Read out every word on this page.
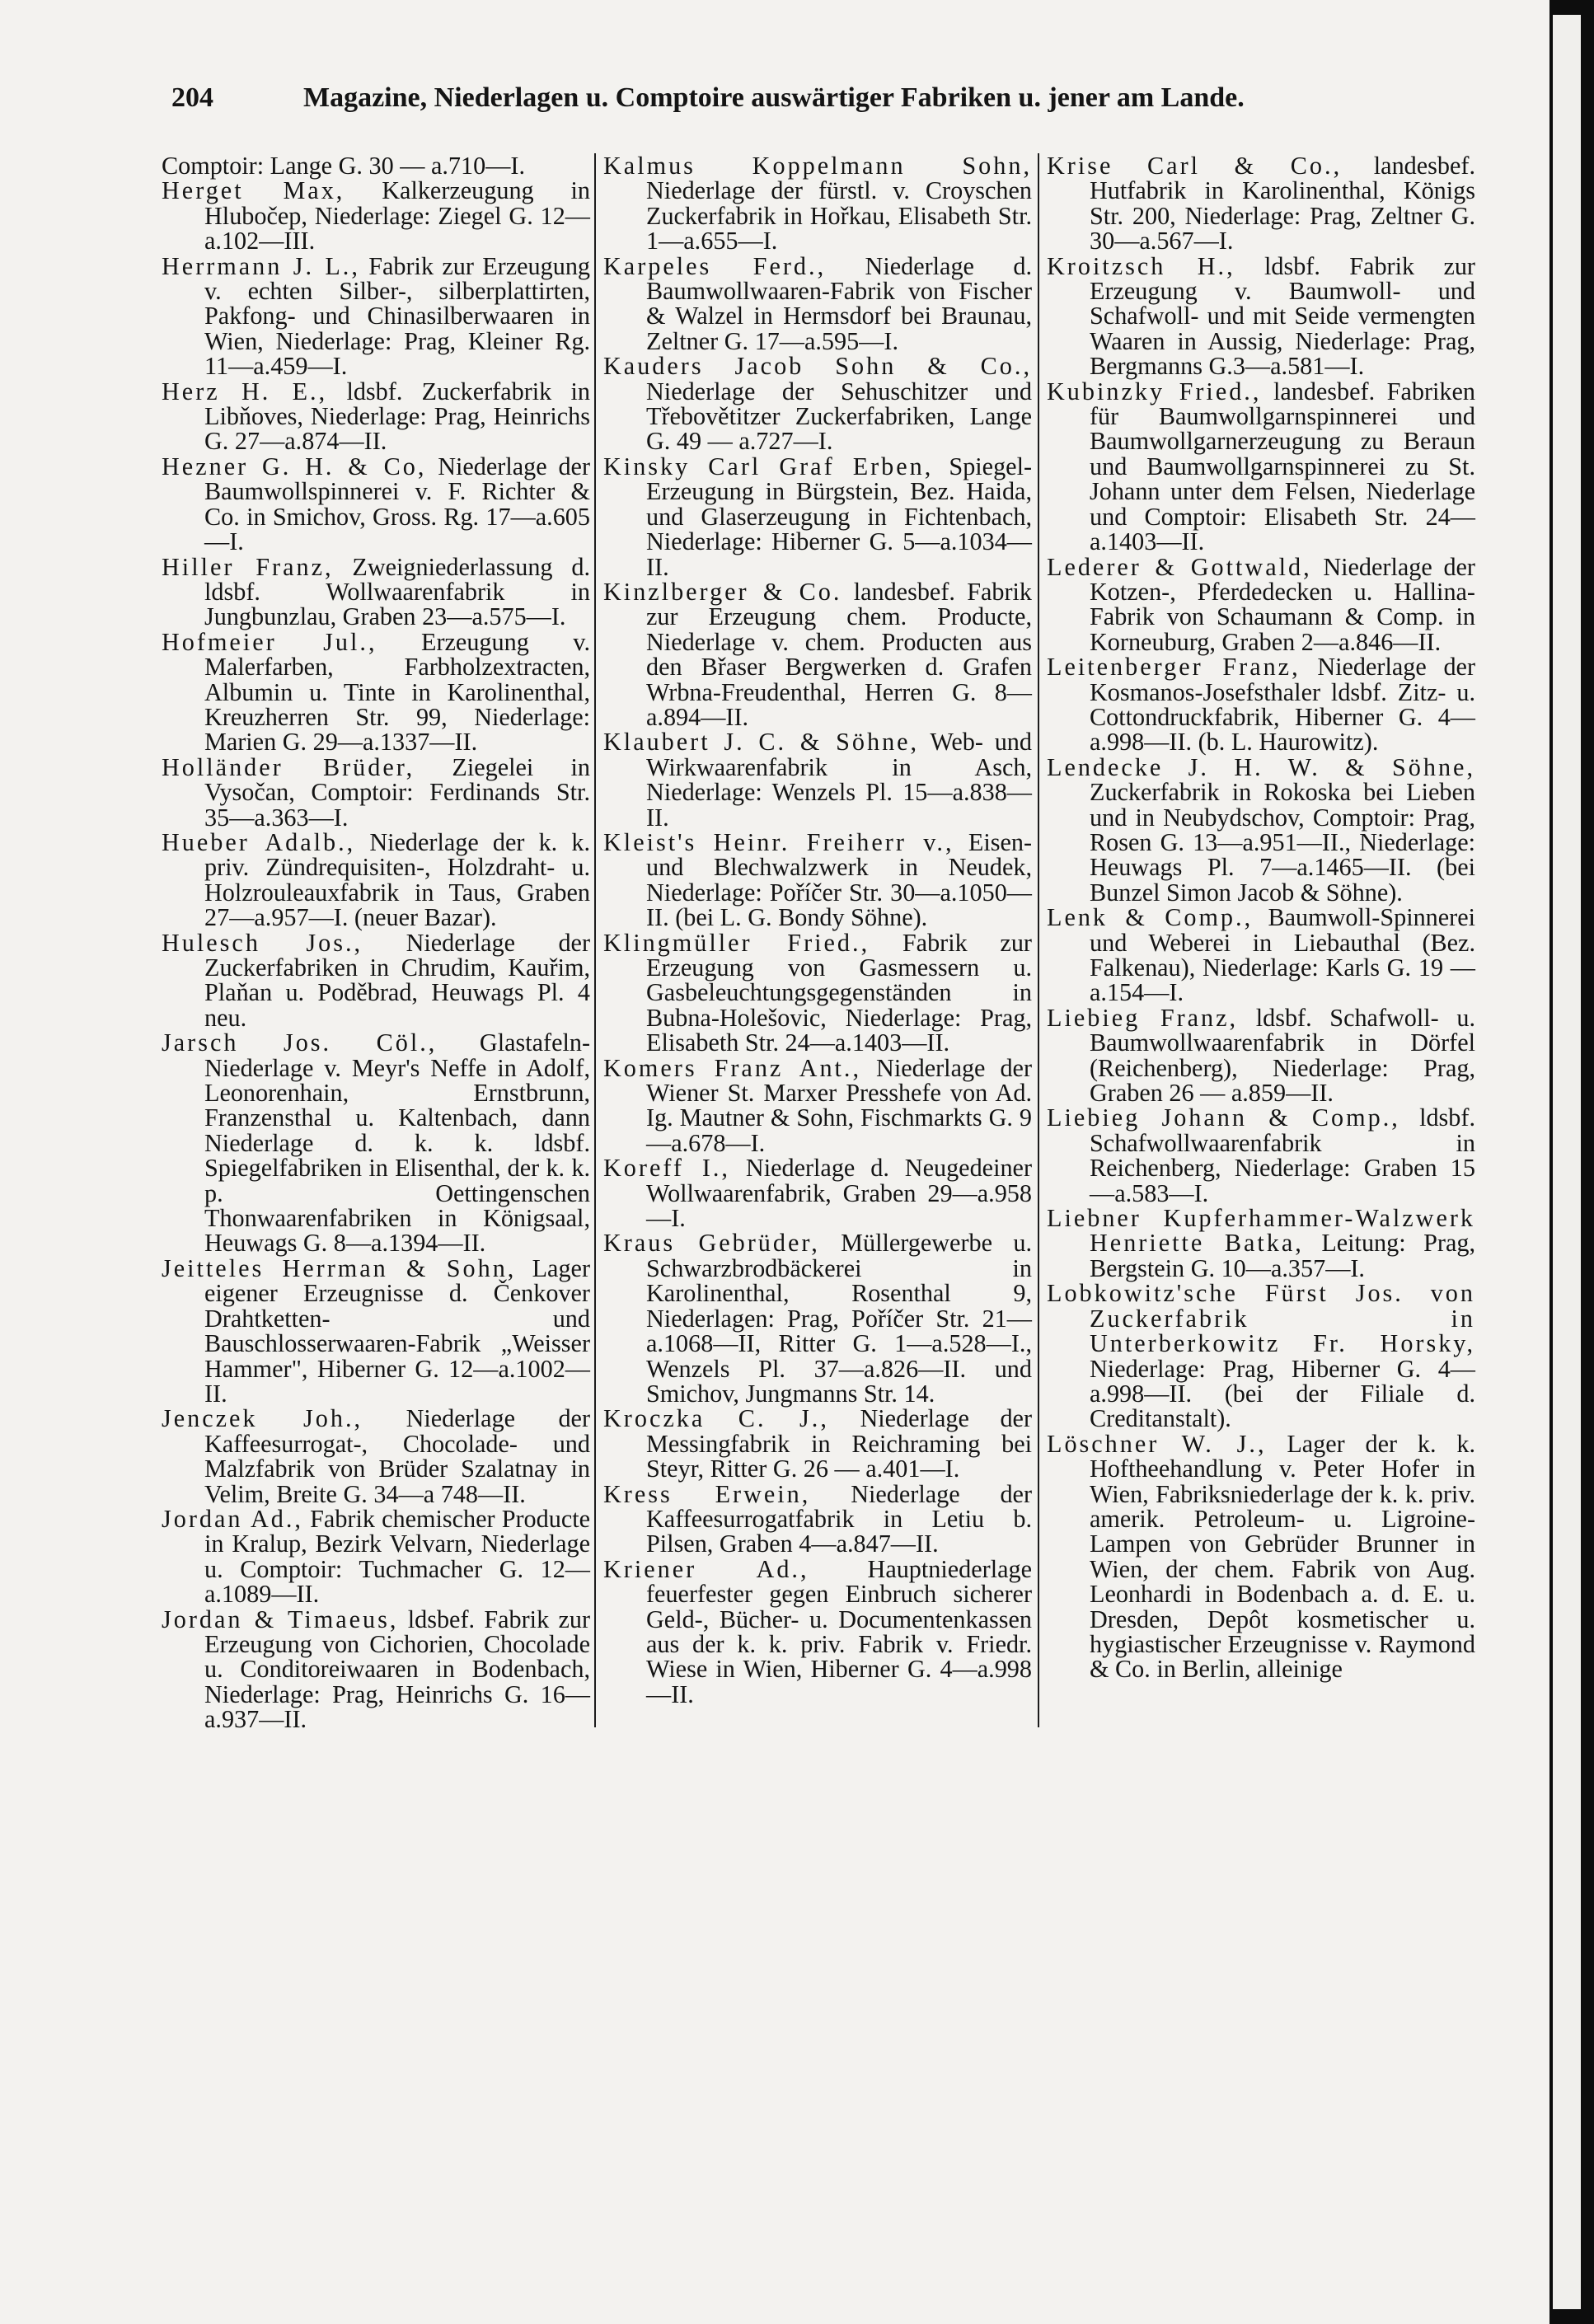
204	Magazine, Niederlagen u. Comptoire auswärtiger Fabriken u. jener am Lande.
Comptoir: Lange G. 30 — a.710—I.
Herget Max, Kalkerzeugung in Hlubočep, Niederlage: Ziegel G. 12—a.102—III.
Herrmann J. L., Fabrik zur Erzeugung v. echten Silber-, silberplattirten, Pakfong- und Chinasilberwaaren in Wien, Niederlage: Prag, Kleiner Rg. 11—a.459—I.
Herz H. E., ldsbf. Zuckerfabrik in Libňoves, Niederlage: Prag, Heinrichs G. 27—a.874—II.
Hezner G. H. & Co, Niederlage der Baumwollspinnerei v. F. Richter & Co. in Smichov, Gross. Rg. 17—a.605—I.
Hiller Franz, Zweigniederlassung d. ldsbf. Wollwaarenfabrik in Jungbunzlau, Graben 23—a.575—I.
Hofmeier Jul., Erzeugung v. Malerfarben, Farbholzextracten, Albumin u. Tinte in Karolinenthal, Kreuzherren Str. 99, Niederlage: Marien G. 29—a.1337—II.
Holländer Brüder, Ziegelei in Vysočan, Comptoir: Ferdinands Str. 35—a.363—I.
Hueber Adalb., Niederlage der k. k. priv. Zündrequisiten-, Holzdraht- u. Holzrouleauxfabrik in Taus, Graben 27—a.957—I. (neuer Bazar).
Hulesch Jos., Niederlage der Zuckerfabriken in Chrudim, Kauřim, Plaňan u. Poděbrad, Heuwags Pl. 4 neu.
Jarsch Jos. Cöl., Glastafeln-Niederlage v. Meyr's Neffe in Adolf, Leonorenhain, Ernstbrunn, Franzensthal u. Kaltenbach, dann Niederlage d. k. k. ldsbf. Spiegelfabriken in Elisenthal, der k. k. p. Oettingenschen Thonwaarenfabriken in Königsaal, Heuwags G. 8—a.1394—II.
Jeitteles Herrman & Sohn, Lager eigener Erzeugnisse d. Čenkover Drahtketten- und Bauschlosserwaaren-Fabrik „Weisser Hammer", Hiberner G. 12—a.1002—II.
Jenczek Joh., Niederlage der Kaffeesurrogat-, Chocolade- und Malzfabrik von Brüder Szalatnay in Velim, Breite G. 34—a 748—II.
Jordan Ad., Fabrik chemischer Producte in Kralup, Bezirk Velvarn, Niederlage u. Comptoir: Tuchmacher G. 12—a.1089—II.
Jordan & Timaeus, ldsbef. Fabrik zur Erzeugung von Cichorien, Chocolade u. Conditoreiwaaren in Bodenbach, Niederlage: Prag, Heinrichs G. 16—a.937—II.
Kalmus Koppelmann Sohn, Niederlage der fürstl. v. Croyschen Zuckerfabrik in Hořkau, Elisabeth Str. 1—a.655—I.
Karpeles Ferd., Niederlage d. Baumwollwaaren-Fabrik von Fischer & Walzel in Hermsdorf bei Braunau, Zeltner G. 17—a.595—I.
Kauders Jacob Sohn & Co., Niederlage der Sehuschitzer und Třebovětitzer Zuckerfabriken, Lange G. 49 — a.727—I.
Kinsky Carl Graf Erben, Spiegel-Erzeugung in Bürgstein, Bez. Haida, und Glaserzeugung in Fichtenbach, Niederlage: Hiberner G. 5—a.1034—II.
Kinzlberger & Co. landesbef. Fabrik zur Erzeugung chem. Producte, Niederlage v. chem. Producten aus den Břaser Bergwerken d. Grafen Wrbna-Freudenthal, Herren G. 8—a.894—II.
Klaubert J. C. & Söhne, Web- und Wirkwaarenfabrik in Asch, Niederlage: Wenzels Pl. 15—a.838—II.
Kleist's Heinr. Freiherr v., Eisen- und Blechwalzwerk in Neudek, Niederlage: Poříčer Str. 30—a.1050—II. (bei L. G. Bondy Söhne).
Klingmüller Fried., Fabrik zur Erzeugung von Gasmessern u. Gasbeleuchtungsgegenständen in Bubna-Holešovic, Niederlage: Prag, Elisabeth Str. 24—a.1403—II.
Komers Franz Ant., Niederlage der Wiener St. Marxer Presshefe von Ad. Ig. Mautner & Sohn, Fischmarkts G. 9—a.678—I.
Koreff I., Niederlage d. Neugedeiner Wollwaarenfabrik, Graben 29—a.958—I.
Kraus Gebrüder, Müllergewerbe u. Schwarzbrodbäckerei in Karolinenthal, Rosenthal 9, Niederlagen: Prag, Poříčer Str. 21—a.1068—II, Ritter G. 1—a.528—I., Wenzels Pl. 37—a.826—II. und Smichov, Jungmanns Str. 14.
Kroczka C. J., Niederlage der Messingfabrik in Reichraming bei Steyr, Ritter G. 26 — a.401—I.
Kress Erwein, Niederlage der Kaffeesurrogatfabrik in Letiu b. Pilsen, Graben 4—a.847—II.
Kriener Ad., Hauptniederlage feuerfester gegen Einbruch sicherer Geld-, Bücher- u. Documentenkassen aus der k. k. priv. Fabrik v. Friedr. Wiese in Wien, Hiberner G. 4—a.998—II.
Krise Carl & Co., landesbef. Hutfabrik in Karolinenthal, Königs Str. 200, Niederlage: Prag, Zeltner G. 30—a.567—I.
Kroitzsch H., ldsbf. Fabrik zur Erzeugung v. Baumwoll- und Schafwoll- und mit Seide vermengten Waaren in Aussig, Niederlage: Prag, Bergmanns G.3—a.581—I.
Kubinzky Fried., landesbef. Fabriken für Baumwollgarnspinnerei und Baumwollgarnerzeugung zu Beraun und Baumwollgarnspinnerei zu St. Johann unter dem Felsen, Niederlage und Comptoir: Elisabeth Str. 24—a.1403—II.
Lederer & Gottwald, Niederlage der Kotzen-, Pferdedecken u. Hallina-Fabrik von Schaumann & Comp. in Korneuburg, Graben 2—a.846—II.
Leitenberger Franz, Niederlage der Kosmanos-Josefsthaler ldsbf. Zitz- u. Cottondruckfabrik, Hiberner G. 4—a.998—II. (b. L. Haurowitz).
Lendecke J. H. W. & Söhne, Zuckerfabrik in Rokoska bei Lieben und in Neubydschov, Comptoir: Prag, Rosen G. 13—a.951—II., Niederlage: Heuwags Pl. 7—a.1465—II. (bei Bunzel Simon Jacob & Söhne).
Lenk & Comp., Baumwoll-Spinnerei und Weberei in Liebauthal (Bez. Falkenau), Niederlage: Karls G. 19 — a.154—I.
Liebieg Franz, ldsbf. Schafwoll- u. Baumwollwaarenfabrik in Dörfel (Reichenberg), Niederlage: Prag, Graben 26 — a.859—II.
Liebieg Johann & Comp., ldsbf. Schafwollwaarenfabrik in Reichenberg, Niederlage: Graben 15—a.583—I.
Liebner Kupferhammer-Walzwerk Henriette Batka, Leitung: Prag, Bergstein G. 10—a.357—I.
Lobkowitz'sche Fürst Jos. von Zuckerfabrik in Unterberkowitz Fr. Horsky, Niederlage: Prag, Hiberner G. 4—a.998—II. (bei der Filiale d. Creditanstalt).
Löschner W. J., Lager der k. k. Hoftheehandlung v. Peter Hofer in Wien, Fabriksniederlage der k. k. priv. amerik. Petroleum- u. Ligroine-Lampen von Gebrüder Brunner in Wien, der chem. Fabrik von Aug. Leonhardi in Bodenbach a. d. E. u. Dresden, Depôt kosmetischer u. hygiastischer Erzeugnisse v. Raymond & Co. in Berlin, alleinige
